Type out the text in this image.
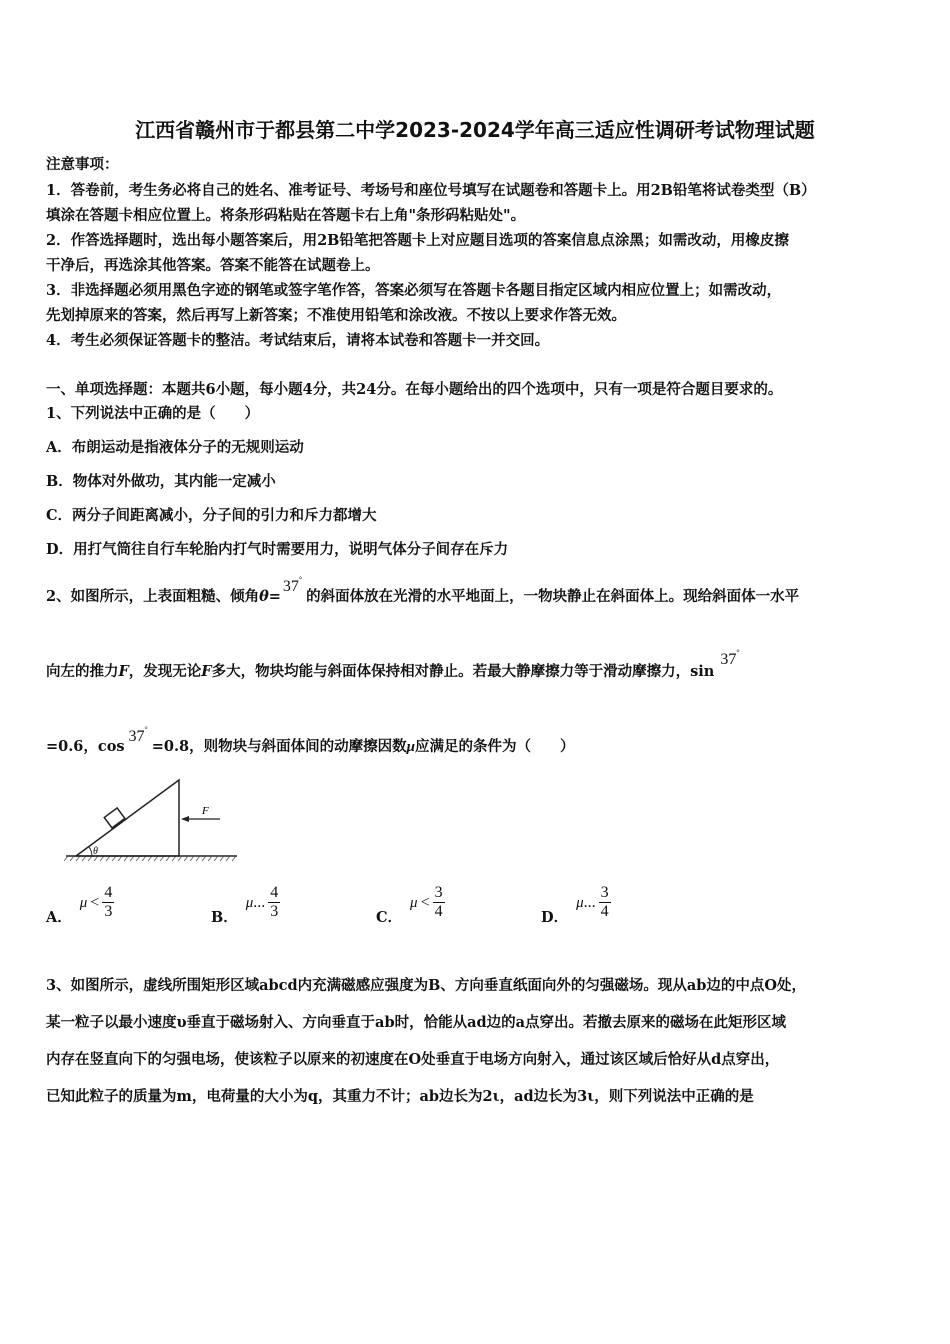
江西省赣州市于都县第二中学2023-2024学年高三适应性调研考试物理试题
注意事项：
1．答卷前，考生务必将自己的姓名、准考证号、考场号和座位号填写在试题卷和答题卡上。用2B铅笔将试卷类型（B）
填涂在答题卡相应位置上。将条形码粘贴在答题卡右上角"条形码粘贴处"。
2．作答选择题时，选出每小题答案后，用2B铅笔把答题卡上对应题目选项的答案信息点涂黑；如需改动，用橡皮擦
干净后，再选涂其他答案。答案不能答在试题卷上。
3．非选择题必须用黑色字迹的钢笔或签字笔作答，答案必须写在答题卡各题目指定区域内相应位置上；如需改动，
先划掉原来的答案，然后再写上新答案；不准使用铅笔和涂改液。不按以上要求作答无效。
4．考生必须保证答题卡的整洁。考试结束后，请将本试卷和答题卡一并交回。
一、单项选择题：本题共6小题，每小题4分，共24分。在每小题给出的四个选项中，只有一项是符合题目要求的。
1、下列说法中正确的是（　　）
A．布朗运动是指液体分子的无规则运动
B．物体对外做功，其内能一定减小
C．两分子间距离减小，分子间的引力和斥力都增大
D．用打气筒往自行车轮胎内打气时需要用力，说明气体分子间存在斥力
2、如图所示，上表面粗糙、倾角θ=37°的斜面体放在光滑的水平地面上，一物块静止在斜面体上。现给斜面体一水平
向左的推力F，发现无论F多大，物块均能与斜面体保持相对静止。若最大静摩擦力等于滑动摩擦力，sin37°
=0.6，cos37°=0.8，则物块与斜面体间的动摩擦因数μ应满足的条件为（　　）
θ
F
A．$\mu < \frac{4}{3}$	B．μ... $\frac{4}{3}$	C．$\mu < \frac{3}{4}$	D．μ... $\frac{3}{4}$
3、如图所示，虚线所围矩形区域abcd内充满磁感应强度为B、方向垂直纸面向外的匀强磁场。现从ab边的中点O处，
某一粒子以最小速度υ垂直于磁场射入、方向垂直于ab时，恰能从ad边的a点穿出。若撤去原来的磁场在此矩形区域
内存在竖直向下的匀强电场，使该粒子以原来的初速度在O处垂直于电场方向射入，通过该区域后恰好从d点穿出，
已知此粒子的质量为m，电荷量的大小为q，其重力不计；ab边长为2ι，ad边长为3ι，则下列说法中正确的是
